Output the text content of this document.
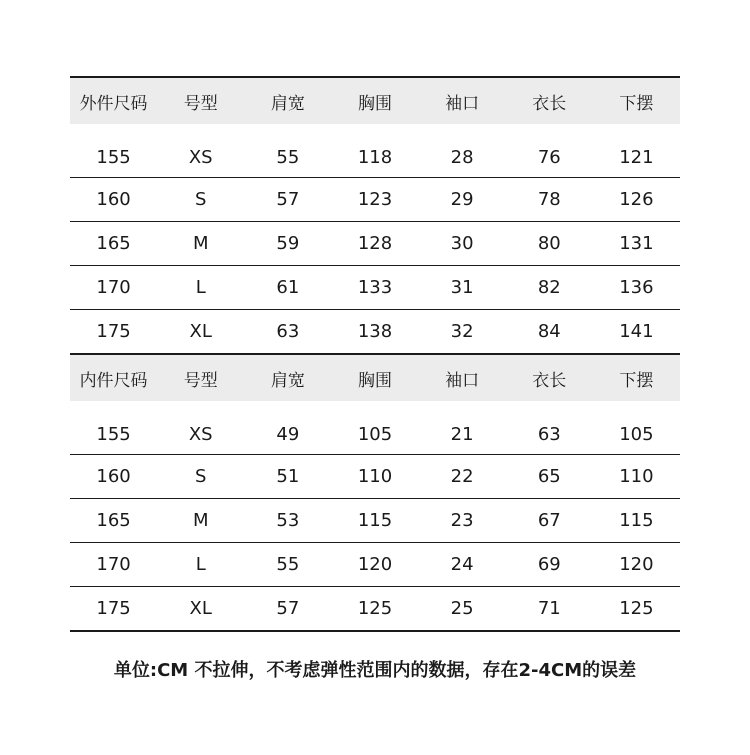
外件尺码	号型	肩宽	胸围	袖口	衣长	下摆

155	XS	55	118	28	76	121
160	S	57	123	29	78	126
165	M	59	128	30	80	131
170	L	61	133	31	82	136
175	XL	63	138	32	84	141
内件尺码	号型	肩宽	胸围	袖口	衣长	下摆

155	XS	49	105	21	63	105
160	S	51	110	22	65	110
165	M	53	115	23	67	115
170	L	55	120	24	69	120
175	XL	57	125	25	71	125
单位:CM 不拉伸，不考虑弹性范围内的数据，存在2-4CM的误差
